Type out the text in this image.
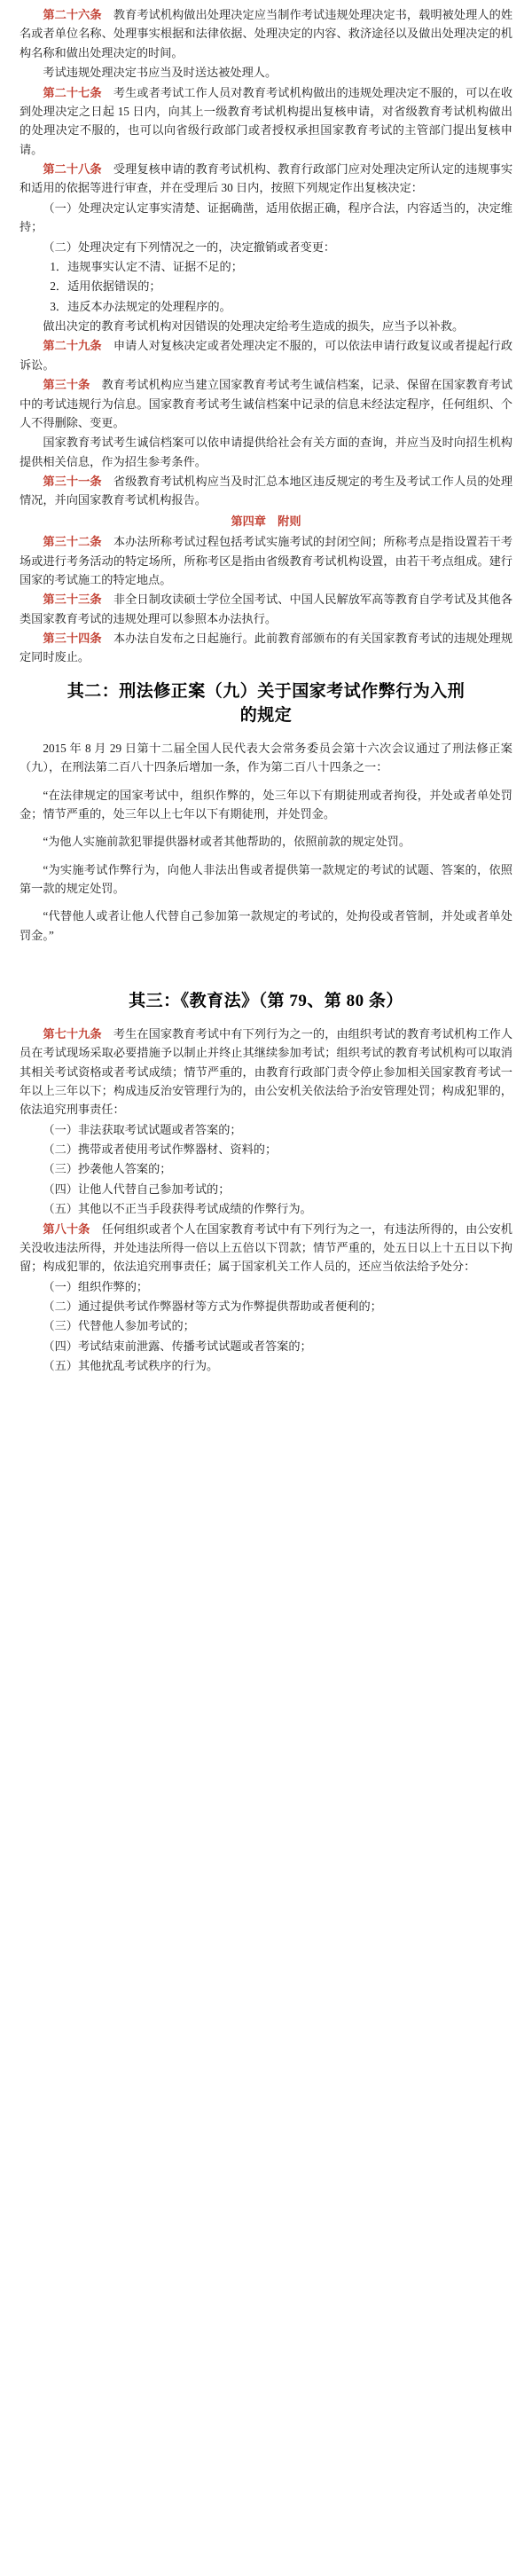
第二十六条　教育考试机构做出处理决定应当制作考试违规处理决定书，载明被处理人的姓名或者单位名称、处理事实根据和法律依据、处理决定的内容、救济途径以及做出处理决定的机构名称和做出处理决定的时间。

考试违规处理决定书应当及时送达被处理人。

第二十七条　考生或者考试工作人员对教育考试机构做出的违规处理决定不服的，可以在收到处理决定之日起 15 日内，向其上一级教育考试机构提出复核申请，对省级教育考试机构做出的处理决定不服的，也可以向省级行政部门或者授权承担国家教育考试的主管部门提出复核申请。

第二十八条　受理复核申请的教育考试机构、教育行政部门应对处理决定所认定的违规事实和适用的依据等进行审查，并在受理后 30 日内，按照下列规定作出复核决定：

（一）处理决定认定事实清楚、证据确凿，适用依据正确，程序合法，内容适当的，决定维持；

（二）处理决定有下列情况之一的，决定撤销或者变更：

1．违规事实认定不清、证据不足的；

2．适用依据错误的；

3．违反本办法规定的处理程序的。

做出决定的教育考试机构对因错误的处理决定给考生造成的损失，应当予以补救。

第二十九条　申请人对复核决定或者处理决定不服的，可以依法申请行政复议或者提起行政诉讼。

第三十条　教育考试机构应当建立国家教育考试考生诚信档案，记录、保留在国家教育考试中的考试违规行为信息。国家教育考试考生诚信档案中记录的信息未经法定程序，任何组织、个人不得删除、变更。

国家教育考试考生诚信档案可以依申请提供给社会有关方面的查询，并应当及时向招生机构提供相关信息，作为招生参考条件。

第三十一条　省级教育考试机构应当及时汇总本地区违反规定的考生及考试工作人员的处理情况，并向国家教育考试机构报告。

第四章　附则

第三十二条　本办法所称考试过程包括考试实施考试的封闭空间；所称考点是指设置若干考场或进行考务活动的特定场所，所称考区是指由省级教育考试机构设置，由若干考点组成。建行国家的考试施工的特定地点。

第三十三条　非全日制攻读硕士学位全国考试、中国人民解放军高等教育自学考试及其他各类国家教育考试的违规处理可以参照本办法执行。

第三十四条　本办法自发布之日起施行。此前教育部颁布的有关国家教育考试的违规处理规定同时废止。

其二：刑法修正案（九）关于国家考试作弊行为入刑
的规定

2015 年 8 月 29 日第十二届全国人民代表大会常务委员会第十六次会议通过了刑法修正案（九），在刑法第二百八十四条后增加一条，作为第二百八十四条之一：

“在法律规定的国家考试中，组织作弊的，处三年以下有期徒刑或者拘役，并处或者单处罚金；情节严重的，处三年以上七年以下有期徒刑，并处罚金。

“为他人实施前款犯罪提供器材或者其他帮助的，依照前款的规定处罚。

“为实施考试作弊行为，向他人非法出售或者提供第一款规定的考试的试题、答案的，依照第一款的规定处罚。

“代替他人或者让他人代替自己参加第一款规定的考试的，处拘役或者管制，并处或者单处罚金。”

其三：《教育法》（第 79、第 80 条）

第七十九条　考生在国家教育考试中有下列行为之一的，由组织考试的教育考试机构工作人员在考试现场采取必要措施予以制止并终止其继续参加考试；组织考试的教育考试机构可以取消其相关考试资格或者考试成绩；情节严重的，由教育行政部门责令停止参加相关国家教育考试一年以上三年以下；构成违反治安管理行为的，由公安机关依法给予治安管理处罚；构成犯罪的，依法追究刑事责任：

（一）非法获取考试试题或者答案的；

（二）携带或者使用考试作弊器材、资料的；

（三）抄袭他人答案的；

（四）让他人代替自己参加考试的；

（五）其他以不正当手段获得考试成绩的作弊行为。

第八十条　任何组织或者个人在国家教育考试中有下列行为之一，有违法所得的，由公安机关没收违法所得，并处违法所得一倍以上五倍以下罚款；情节严重的，处五日以上十五日以下拘留；构成犯罪的，依法追究刑事责任；属于国家机关工作人员的，还应当依法给予处分：

（一）组织作弊的；

（二）通过提供考试作弊器材等方式为作弊提供帮助或者便利的；

（三）代替他人参加考试的；

（四）考试结束前泄露、传播考试试题或者答案的；

（五）其他扰乱考试秩序的行为。
